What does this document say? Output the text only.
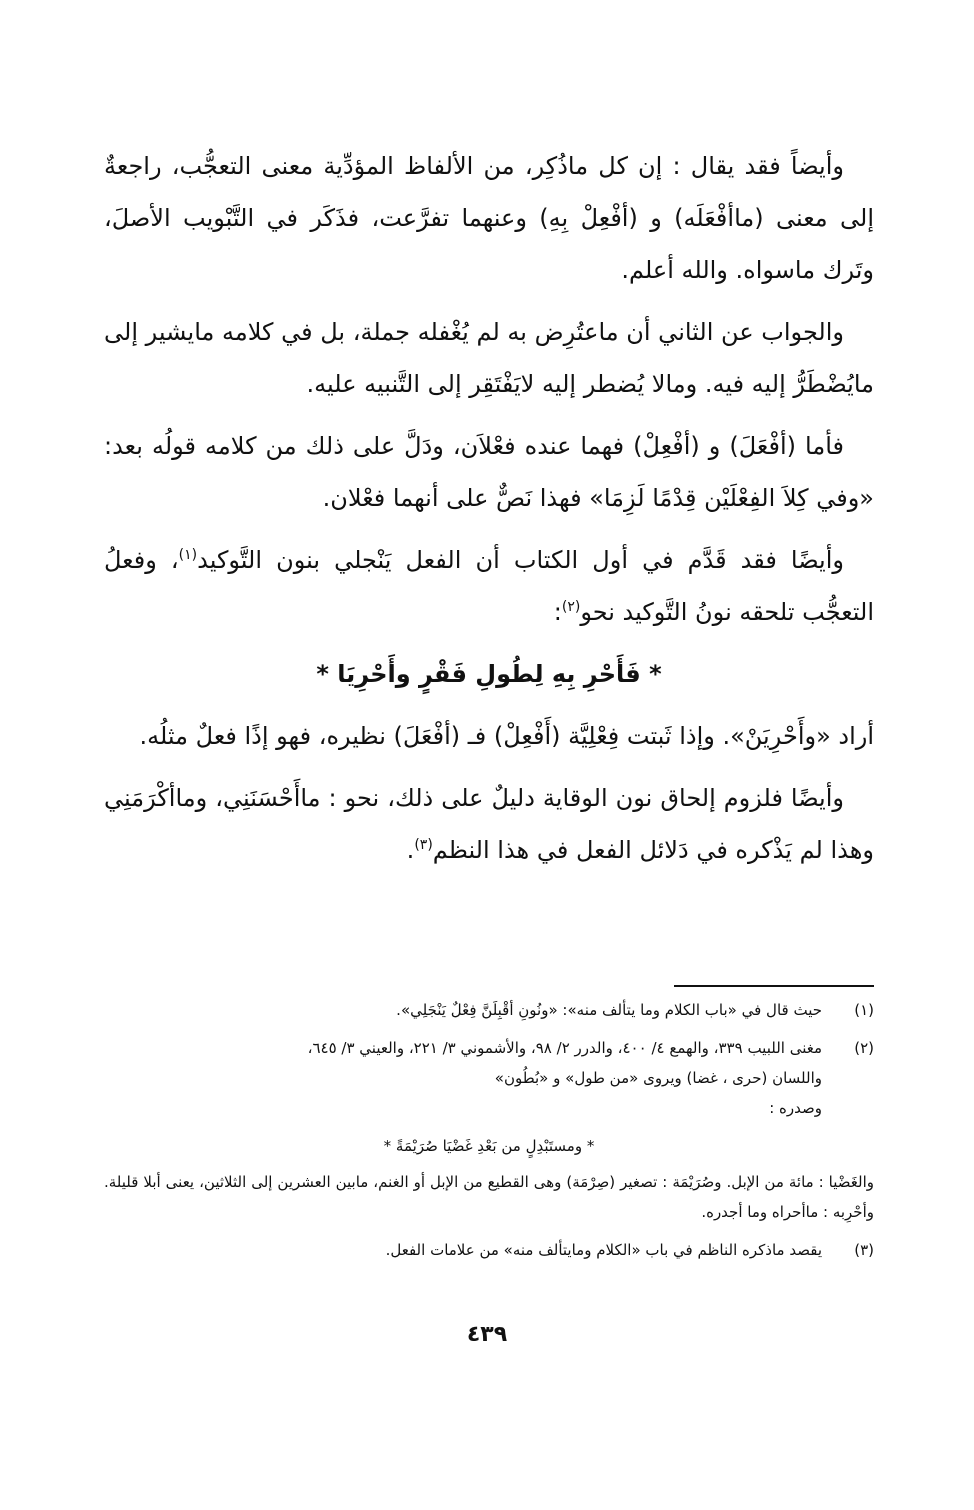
وأيضاً فقد يقال : إن كل ماذُكِر، من الألفاظ المؤدِّية معنى التعجُّب، راجعةٌ إلى معنى (ماأفْعَلَه) و (أفْعِلْ بِهِ) وعنهما تفرَّعت، فذَكَر في التَّبْويب الأصلَ، وتَرك ماسواه. والله أعلم.

والجواب عن الثاني أن ماعتُرِض به لم يُغْفله جملة، بل في كلامه مايشير إلى مايُضْطَرُّ إليه فيه. ومالا يُضطر إليه لايَفْتَقِر إلى التَّنبيه عليه.

فأما (أفْعَلَ) و (أفْعِلْ) فهما عنده فعْلاَن، ودَلَّ على ذلك من كلامه قولُه بعد: «وفي كِلاَ الفِعْلَيْن قِدْمًا لَزِمَا» فهذا نَصٌّ على أنهما فعْلان.

وأيضًا فقد قَدَّم في أول الكتاب أن الفعل يَنْجلي بنون التَّوكيد$^{(١)}$، وفعلُ التعجُّب تلحقه نونُ التَّوكيد نحو$^{(٢)}$:

* فَأَحْرِ بِهِ لِطُولِ فَقْرٍ وأَحْرِيَا *

أراد «وأَحْرِيَنْ». وإذا ثَبتت فِعْلِيَّة (أَفْعِلْ) فـ (أفْعَلَ) نظيره، فهو إذًا فعلٌ مثلُه.

وأيضًا فلزوم إلحاق نون الوقاية دليلٌ على ذلك، نحو : ماأَحْسَنَنِي، وماأكْرَمَنِي وهذا لم يَذْكره في دَلائل الفعل في هذا النظم$^{(٣)}$.

(١)
حيث قال في «باب الكلام وما يتألف منه»: «ونُونِ أقْبِلَنَّ فِعْلٌ يَنْجَلِي».
(٢)
مغنى اللبيب ٣٣٩، والهمع ٤/ ٤٠٠، والدرر ٢/ ٩٨، والأشموني ٣/ ٢٢١، والعيني ٣/ ٦٤٥،
واللسان (حرى ، غضا) ويروى «من طول» و «بُطُون»
وصدره :
* ومستَبْدِلٍ من بَعْدِ غَضْيَا صُرَيْمَةً *
والغَضْيا : مائة من الإبل. وصُرَيْمَة : تصغير (صِرْمَة) وهى القطيع من الإبل أو الغنم، مابين العشرين إلى الثلاثين، يعنى أبلا قليلة. وأحْرِبه : ماأحراه وما أجدره.
(٣)
يقصد ماذكره الناظم في باب «الكلام ومايتألف منه» من علامات الفعل.
٤٣٩
